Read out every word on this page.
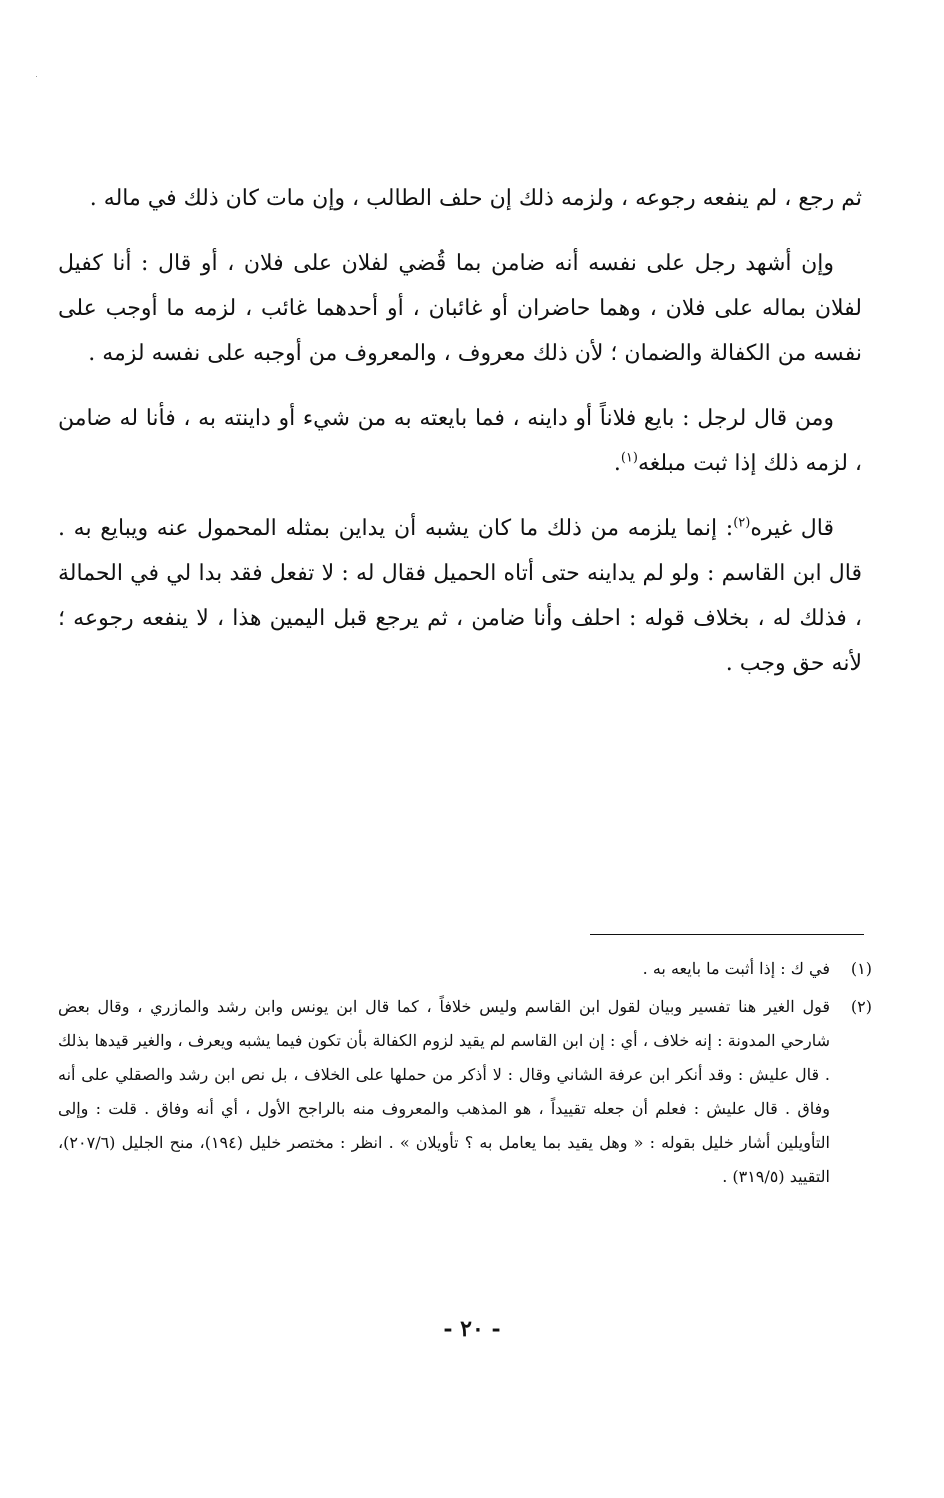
ثم رجع ، لم ينفعه رجوعه ، ولزمه ذلك إن حلف الطالب ، وإن مات كان ذلك في ماله .

وإن أشهد رجل على نفسه أنه ضامن بما قُضي لفلان على فلان ، أو قال : أنا كفيل لفلان بماله على فلان ، وهما حاضران أو غائبان ، أو أحدهما غائب ، لزمه ما أوجب على نفسه من الكفالة والضمان ؛ لأن ذلك معروف ، والمعروف من أوجبه على نفسه لزمه .

ومن قال لرجل : بايع فلاناً أو داينه ، فما بايعته به من شيء أو داينته به ، فأنا له ضامن ، لزمه ذلك إذا ثبت مبلغه$^{(١)}$.

قال غيره$^{(٢)}$: إنما يلزمه من ذلك ما كان يشبه أن يداين بمثله المحمول عنه ويبايع به . قال ابن القاسم : ولو لم يداينه حتى أتاه الحميل فقال له : لا تفعل فقد بدا لي في الحمالة ، فذلك له ، بخلاف قوله : احلف وأنا ضامن ، ثم يرجع قبل اليمين هذا ، لا ينفعه رجوعه ؛ لأنه حق وجب .

(١)
في ك : إذا أثبت ما بايعه به .
(٢)
قول الغير هنا تفسير وبيان لقول ابن القاسم وليس خلافاً ، كما قال ابن يونس وابن رشد والمازري ، وقال بعض شارحي المدونة : إنه خلاف ، أي : إن ابن القاسم لم يقيد لزوم الكفالة بأن تكون فيما يشبه ويعرف ، والغير قيدها بذلك . قال عليش : وقد أنكر ابن عرفة الشاني وقال : لا أذكر من حملها على الخلاف ، بل نص ابن رشد والصقلي على أنه وفاق . قال عليش : فعلم أن جعله تقييداً ، هو المذهب والمعروف منه بالراجح الأول ، أي أنه وفاق . قلت : وإلى التأويلين أشار خليل بقوله : « وهل يقيد بما يعامل به ؟ تأويلان » . انظر : مختصر خليل (١٩٤)، منح الجليل (٢٠٧/٦)، التقييد (٣١٩/٥) .
- ٢٠ -
